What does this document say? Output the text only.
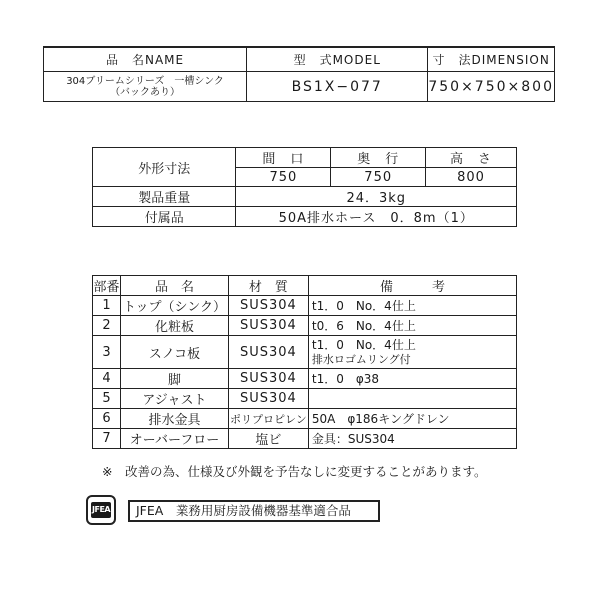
品　名NAME	型　式MODEL	寸　法DIMENSION

304ブリームシリーズ　一槽シンク
（バックあり）	BS1X−077	750×750×800
外形寸法	間　口	奥　行	高　さ
	750	750	800
製品重量	24．3kg		
付属品	50A排水ホース　0．8m（1）		
部番	品　名	材　質	備　　　考
1	トップ（シンク）	SUS304	t1．0　No．4仕上
2	化粧板	SUS304	t0．6　No．4仕上
3	スノコ板	SUS304	t1．0　No．4仕上
排水ロゴムリング付

4	脚	SUS304	t1．0　φ38
5	アジャスト	SUS304	
6	排水金具	ポリプロピレン	50A　φ186キングドレン
7	オーバーフロー	塩ビ	金具：SUS304
※　改善の為、仕様及び外観を予告なしに変更することがあります。
JFEA	JFEA　業務用厨房設備機器基準適合品
